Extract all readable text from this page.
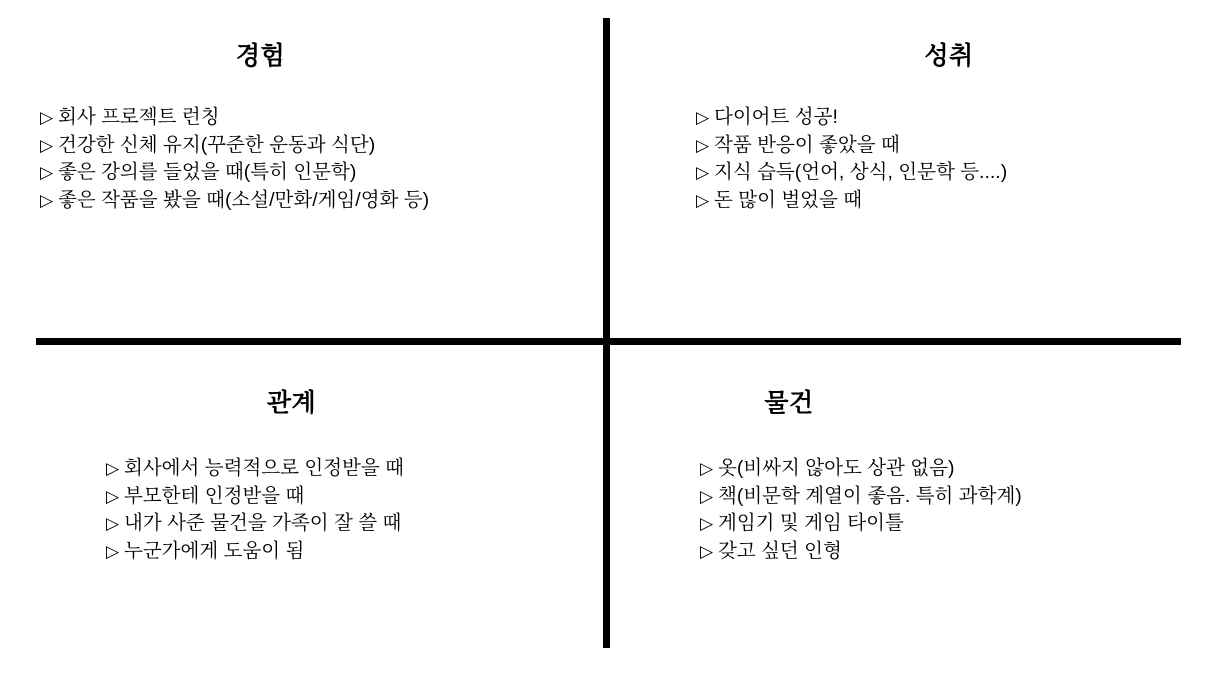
경험
▷ 회사 프로젝트 런칭
▷ 건강한 신체 유지(꾸준한 운동과 식단)
▷ 좋은 강의를 들었을 때(특히 인문학)
▷ 좋은 작품을 봤을 때(소설/만화/게임/영화 등)
성취
▷ 다이어트 성공!
▷ 작품 반응이 좋았을 때
▷ 지식 습득(언어, 상식, 인문학 등....)
▷ 돈 많이 벌었을 때
관계
▷ 회사에서 능력적으로 인정받을 때
▷ 부모한테 인정받을 때
▷ 내가 사준 물건을 가족이 잘 쓸 때
▷ 누군가에게 도움이 됨
물건
▷ 옷(비싸지 않아도 상관 없음)
▷ 책(비문학 계열이 좋음. 특히 과학계)
▷ 게임기 및 게임 타이틀
▷ 갖고 싶던 인형
